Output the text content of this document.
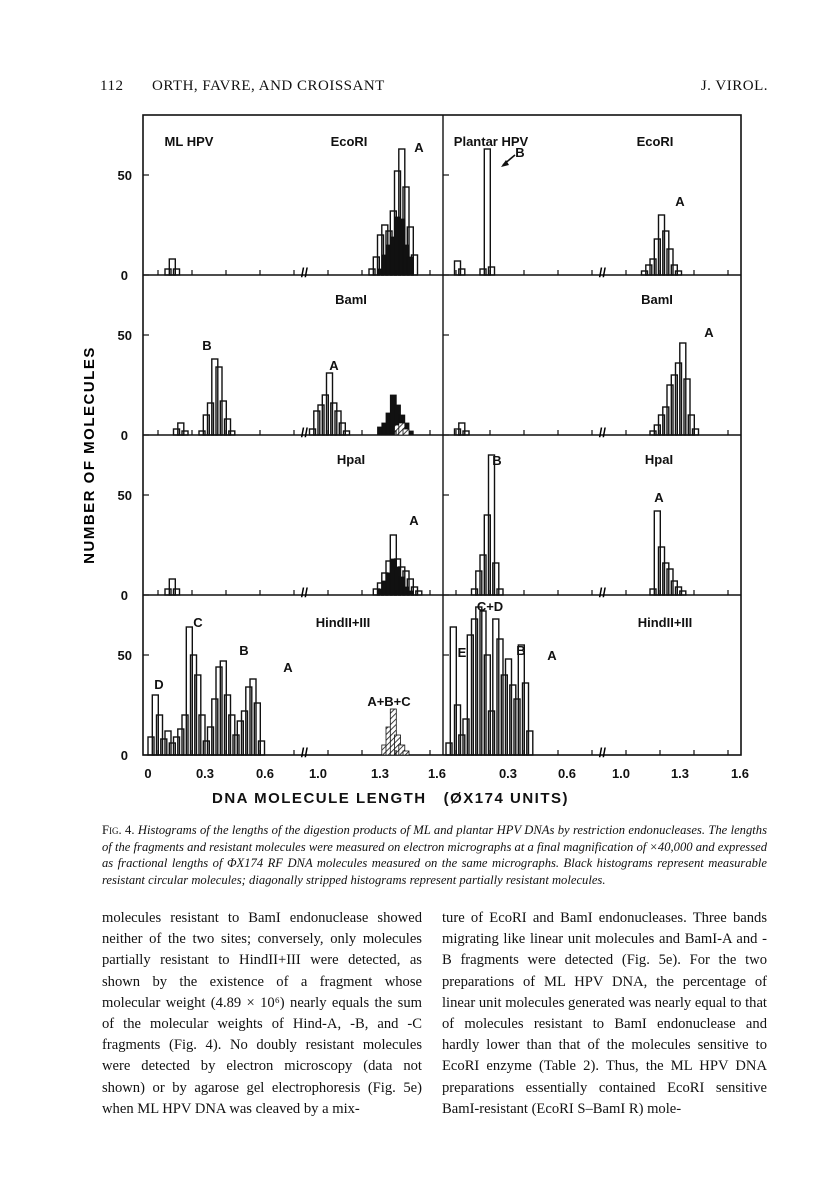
112 ORTH, FAVRE, AND CROISSANT	J. VIROL.
//	//
//	//
//	//
//	//
ML HPV	EcoRI	Plantar HPV	EcoRI
BamI	BamI
HpaI	HpaI
HindII+III	HindII+III
A	B
A
B
A
A
A
B
A
D
C
B
A
A+B+C
E
C+D
B A
0
50
0
50
0
50
0
50
0	0.3	0.6	1.0	1.3	1.6	0.3	0.6	1.0	1.3	1.6
NUMBER OF MOLECULES
DNA MOLECULE LENGTH (ØX174 UNITS)
Fig. 4. Histograms of the lengths of the digestion products of ML and plantar HPV DNAs by restriction endonucleases. The lengths of the fragments and resistant molecules were measured on electron micrographs at a final magnification of ×40,000 and expressed as fractional lengths of ΦX174 RF DNA molecules measured on the same micrographs. Black histograms represent measurable resistant circular molecules; diagonally stripped histograms represent partially resistant molecules.
molecules resistant to BamI endonuclease showed neither of the two sites; conversely, only molecules partially resistant to HindII+III were detected, as shown by the existence of a fragment whose molecular weight (4.89 × 10⁶) nearly equals the sum of the molecular weights of Hind-A, -B, and -C fragments (Fig. 4). No doubly resistant molecules were detected by electron microscopy (data not shown) or by agarose gel electrophoresis (Fig. 5e) when ML HPV DNA was cleaved by a mix-
ture of EcoRI and BamI endonucleases. Three bands migrating like linear unit molecules and BamI-A and -B fragments were detected (Fig. 5e). For the two preparations of ML HPV DNA, the percentage of linear unit molecules generated was nearly equal to that of molecules resistant to BamI endonuclease and hardly lower than that of the molecules sensitive to EcoRI enzyme (Table 2). Thus, the ML HPV DNA preparations essentially contained EcoRI sensitive BamI-resistant (EcoRI S–BamI R) mole-
